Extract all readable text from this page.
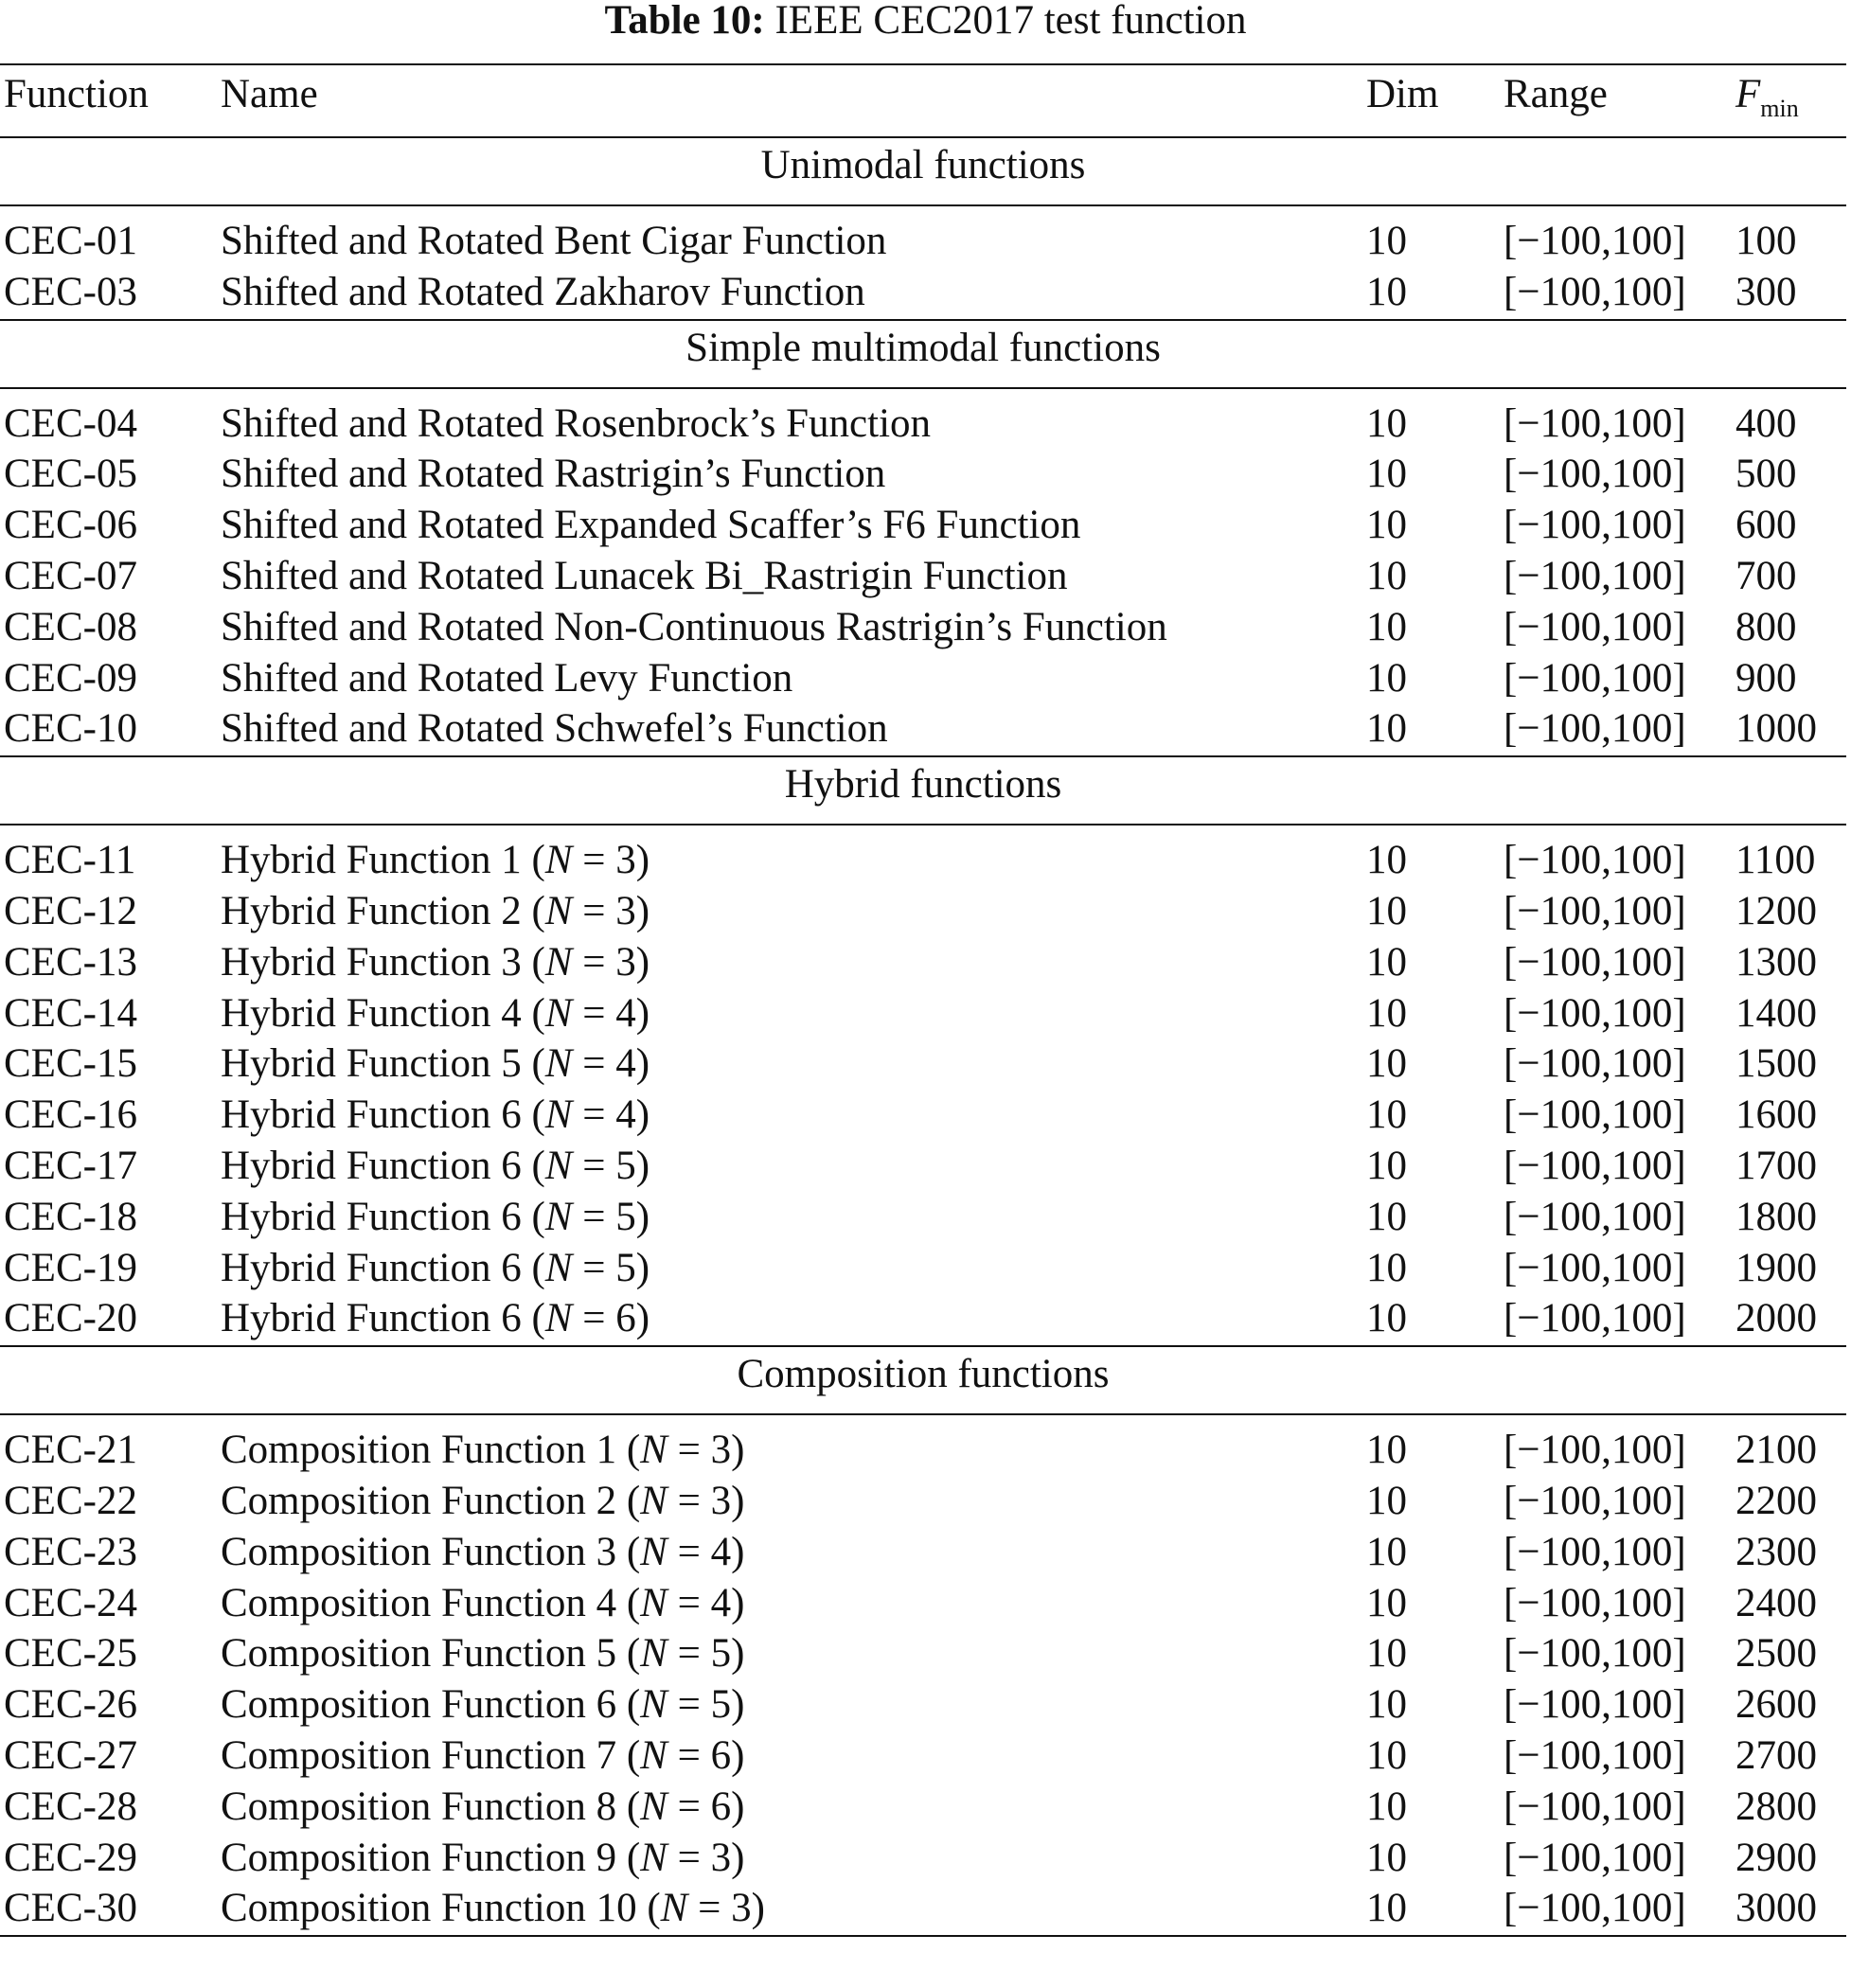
Table 10: IEEE CEC2017 test function
Function Name	Dim Range	$F_{min}$
Unimodal functions
CEC-01 Shifted and Rotated Bent Cigar Function	10 [−100,100] 100
CEC-03 Shifted and Rotated Zakharov Function	10 [−100,100] 300
Simple multimodal functions
CEC-04 Shifted and Rotated Rosenbrock’s Function	10 [−100,100] 400
CEC-05 Shifted and Rotated Rastrigin’s Function	10 [−100,100] 500
CEC-06 Shifted and Rotated Expanded Scaffer’s F6 Function	10 [−100,100] 600
CEC-07 Shifted and Rotated Lunacek Bi_Rastrigin Function	10 [−100,100] 700
CEC-08 Shifted and Rotated Non-Continuous Rastrigin’s Function	10 [−100,100] 800
CEC-09 Shifted and Rotated Levy Function	10 [−100,100] 900
CEC-10 Shifted and Rotated Schwefel’s Function	10 [−100,100] 1000
Hybrid functions
CEC-11 Hybrid Function 1 (N = 3)	10 [−100,100] 1100
CEC-12 Hybrid Function 2 (N = 3)	10 [−100,100] 1200
CEC-13 Hybrid Function 3 (N = 3)	10 [−100,100] 1300
CEC-14 Hybrid Function 4 (N = 4)	10 [−100,100] 1400
CEC-15 Hybrid Function 5 (N = 4)	10 [−100,100] 1500
CEC-16 Hybrid Function 6 (N = 4)	10 [−100,100] 1600
CEC-17 Hybrid Function 6 (N = 5)	10 [−100,100] 1700
CEC-18 Hybrid Function 6 (N = 5)	10 [−100,100] 1800
CEC-19 Hybrid Function 6 (N = 5)	10 [−100,100] 1900
CEC-20 Hybrid Function 6 (N = 6)	10 [−100,100] 2000
Composition functions
CEC-21 Composition Function 1 (N = 3)	10 [−100,100] 2100
CEC-22 Composition Function 2 (N = 3)	10 [−100,100] 2200
CEC-23 Composition Function 3 (N = 4)	10 [−100,100] 2300
CEC-24 Composition Function 4 (N = 4)	10 [−100,100] 2400
CEC-25 Composition Function 5 (N = 5)	10 [−100,100] 2500
CEC-26 Composition Function 6 (N = 5)	10 [−100,100] 2600
CEC-27 Composition Function 7 (N = 6)	10 [−100,100] 2700
CEC-28 Composition Function 8 (N = 6)	10 [−100,100] 2800
CEC-29 Composition Function 9 (N = 3)	10 [−100,100] 2900
CEC-30 Composition Function 10 (N = 3)	10 [−100,100] 3000
